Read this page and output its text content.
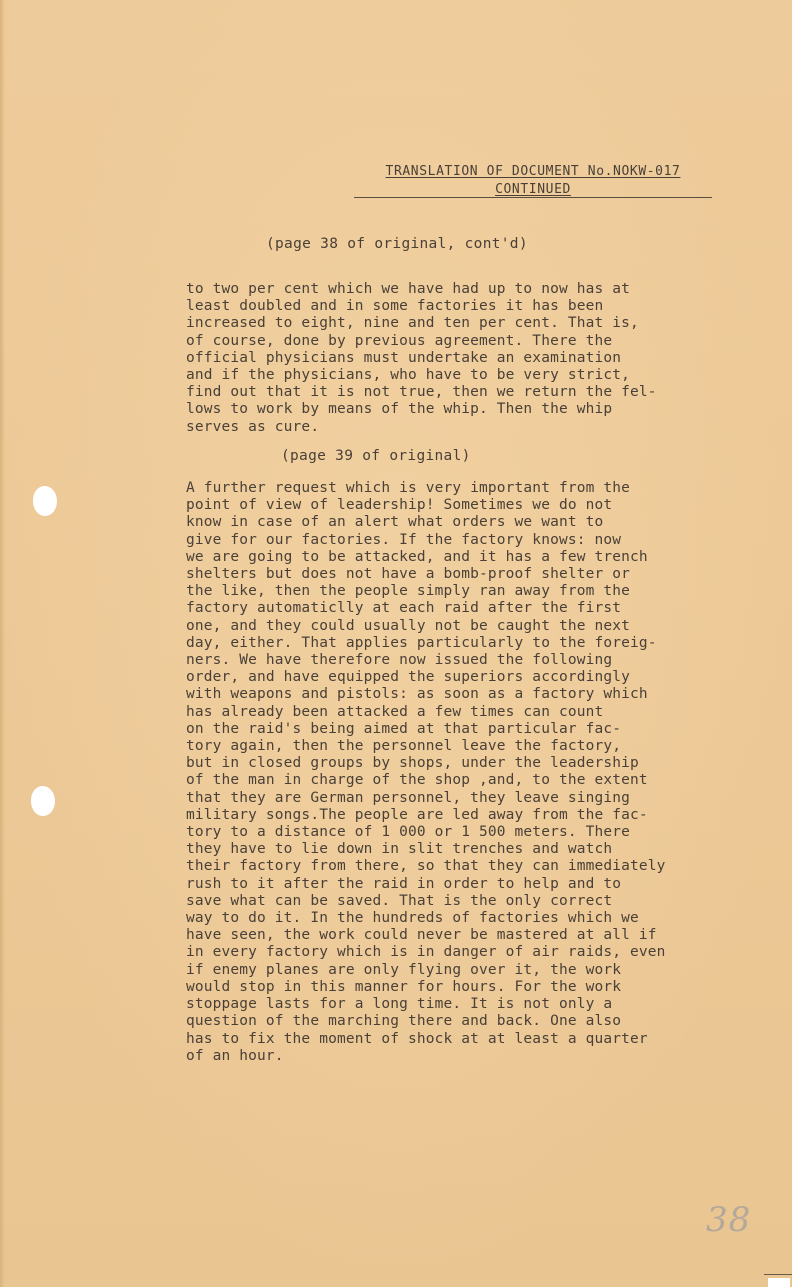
TRANSLATION OF DOCUMENT No.NOKW-017
CONTINUED
(page 38 of original, cont'd)

to two per cent which we have had up to now has at
least doubled and in some factories it has been
increased to eight, nine and ten per cent. That is,
of course, done by previous agreement. There the
official physicians must undertake an examination
and if the physicians, who have to be very strict,
find out that it is not true, then we return the fel-
lows to work by means of the whip. Then the whip
serves as cure.

(page 39 of original)

A further request which is very important from the
point of view of leadership! Sometimes we do not
know in case of an alert what orders we want to
give for our factories. If the factory knows: now
we are going to be attacked, and it has a few trench
shelters but does not have a bomb-proof shelter or
the like, then the people simply ran away from the
factory automaticlly at each raid after the first
one, and they could usually not be caught the next
day, either. That applies particularly to the foreig-
ners. We have therefore now issued the following
order, and have equipped the superiors accordingly
with weapons and pistols: as soon as a factory which
has already been attacked a few times can count
on the raid's being aimed at that particular fac-
tory again, then the personnel leave the factory,
but in closed groups by shops, under the leadership
of the man in charge of the shop ,and, to the extent
that they are German personnel, they leave singing
military songs.The people are led away from the fac-
tory to a distance of 1 000 or 1 500 meters. There
they have to lie down in slit trenches and watch
their factory from there, so that they can immediately
rush to it after the raid in order to help and to
save what can be saved. That is the only correct
way to do it. In the hundreds of factories which we
have seen, the work could never be mastered at all if
in every factory which is in danger of air raids, even
if enemy planes are only flying over it, the work
would stop in this manner for hours. For the work
stoppage lasts for a long time. It is not only a
question of the marching there and back. One also
has to fix the moment of shock at at least a quarter
of an hour.

38
